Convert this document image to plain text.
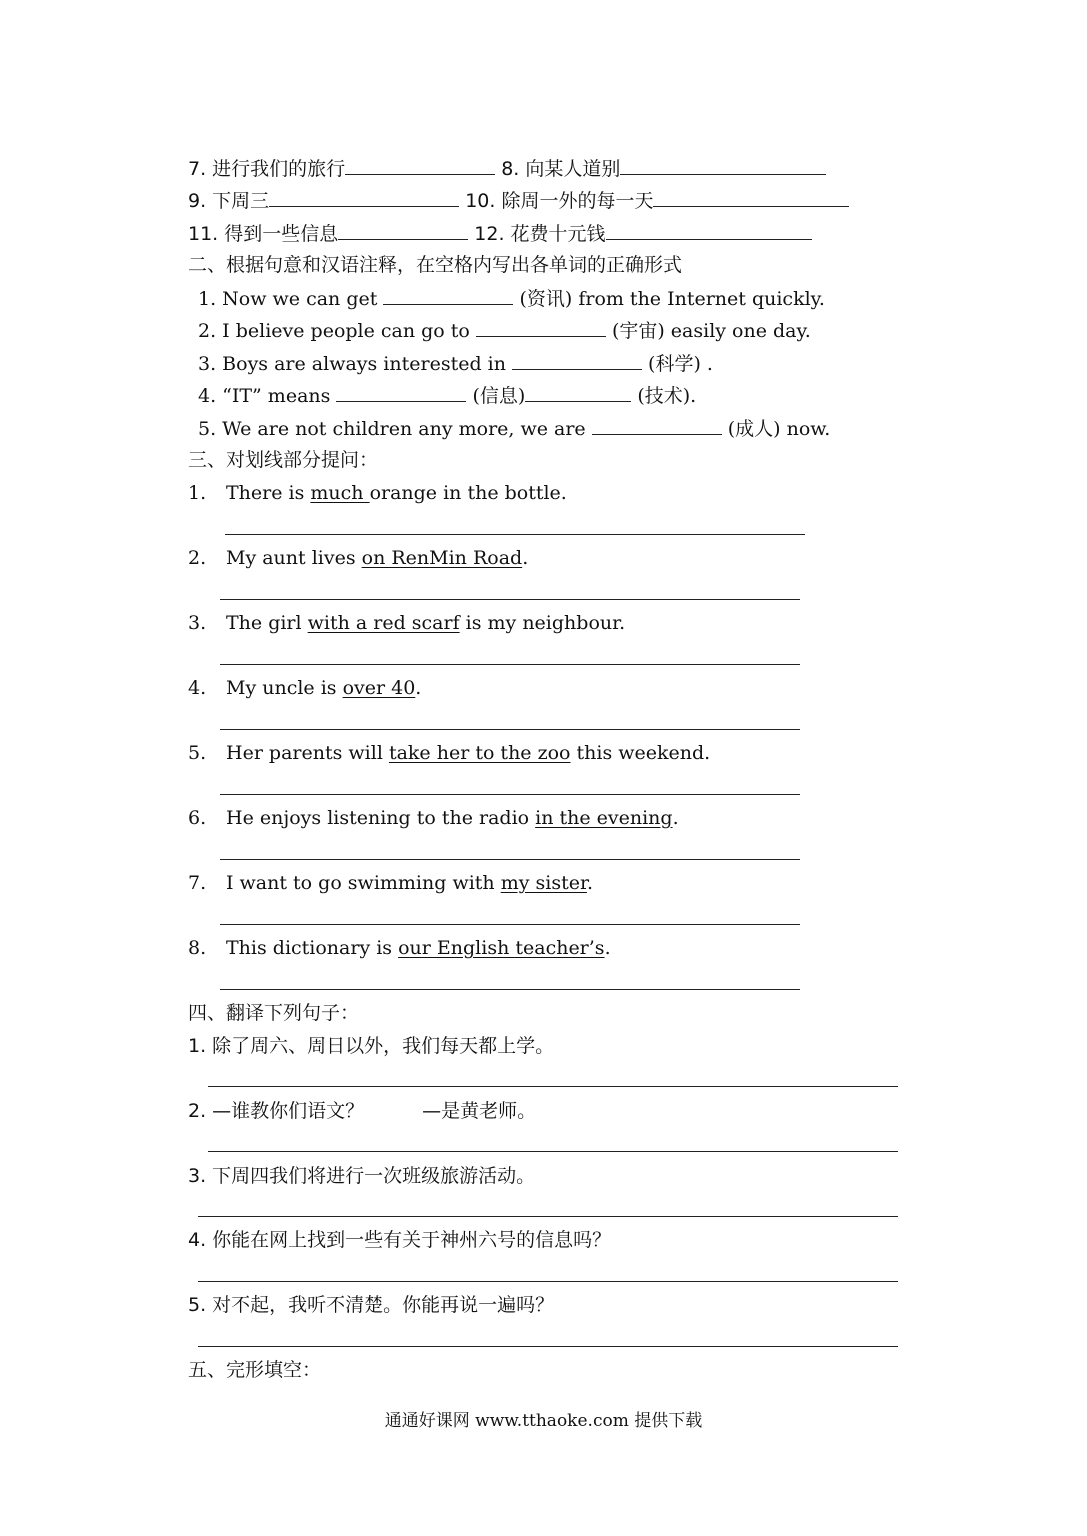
7. 进行我们的旅行	8. 向某人道别
9. 下周三	10. 除周一外的每一天
11. 得到一些信息	12. 花费十元钱
二、根据句意和汉语注释，在空格内写出各单词的正确形式
1. Now we can get	(资讯) from the Internet quickly.
2. I believe people can go to	(宇宙) easily one day.
3. Boys are always interested in	(科学) .
4. “IT” means	(信息)	(技术).
5. We are not children any more, we are	(成人) now.
三、对划线部分提问：
1. There is much orange in the bottle.
2. My aunt lives on RenMin Road.
3. The girl with a red scarf is my neighbour.
4. My uncle is over 40.
5. Her parents will take her to the zoo this weekend.
6. He enjoys listening to the radio in the evening.
7. I want to go swimming with my sister.
8. This dictionary is our English teacher’s.
四、翻译下列句子：
1. 除了周六、周日以外，我们每天都上学。
2. —谁教你们语文？	—是黄老师。
3. 下周四我们将进行一次班级旅游活动。
4. 你能在网上找到一些有关于神州六号的信息吗？
5. 对不起，我听不清楚。你能再说一遍吗？
五、完形填空：
通通好课网 www.tthaoke.com 提供下载
